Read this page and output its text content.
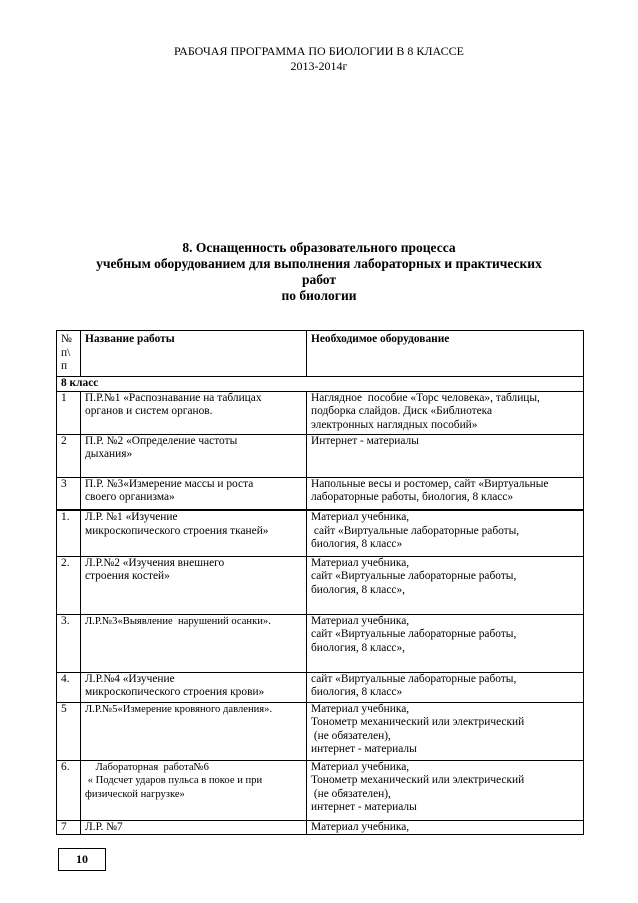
РАБОЧАЯ ПРОГРАММА ПО БИОЛОГИИ В 8 КЛАССЕ
2013-2014г
8. Оснащенность образовательного процесса
учебным оборудованием для выполнения лабораторных и практических
работ
по биологии
№
п\
п	Название работы	Необходимое оборудование
8 класс		
1	П.Р.№1 «Распознавание на таблицах
органов и систем органов.	Наглядное  пособие «Торс человека», таблицы,
подборка слайдов. Диск «Библиотека
электронных наглядных пособий»

2	П.Р. №2 «Определение частоты
дыхания»	Интернет - материалы

3	П.Р. №3«Измерение массы и роста
своего организма»	Напольные весы и ростомер, сайт «Виртуальные
лабораторные работы, биология, 8 класс»

1.	Л.Р. №1 «Изучение
микроскопического строения тканей»	Материал учебника,
сайт «Виртуальные лабораторные работы,
биология, 8 класс»

2.	Л.Р.№2 «Изучения внешнего
строения костей»	Материал учебника,
сайт «Виртуальные лабораторные работы,
биология, 8 класс»,

3.	Л.Р.№3«Выявление  нарушений осанки».	Материал учебника,
сайт «Виртуальные лабораторные работы,
биология, 8 класс»,

4.	Л.Р.№4 «Изучение
микроскопического строения крови»	сайт «Виртуальные лабораторные работы,
биология, 8 класс»

5	Л.Р.№5«Измерение кровяного давления».	Материал учебника,
Тонометр механический или электрический
(не обязателен),
интернет - материалы

6.	Лабораторная  работа№6
« Подсчет ударов пульса в покое и при
физической нагрузке»	Материал учебника,
Тонометр механический или электрический
(не обязателен),
интернет - материалы

7	Л.Р. №7	Материал учебника,
10
